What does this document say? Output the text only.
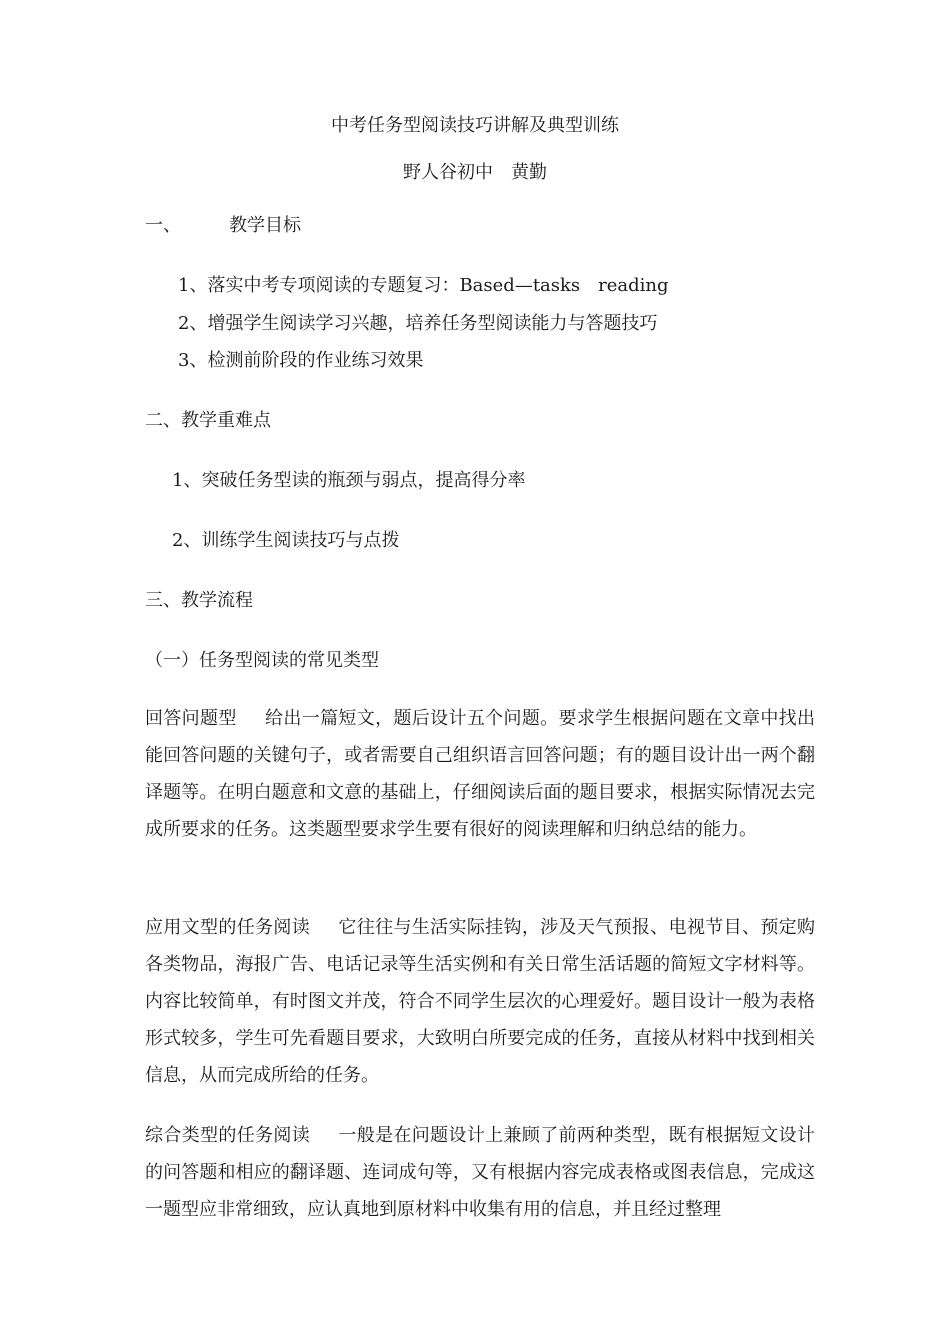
中考任务型阅读技巧讲解及典型训练
野人谷初中　黄勤
一、	教学目标
1、落实中考专项阅读的专题复习：Based—tasks　reading
2、增强学生阅读学习兴趣，培养任务型阅读能力与答题技巧
3、检测前阶段的作业练习效果
二、教学重难点
1、突破任务型读的瓶颈与弱点，提高得分率
2、训练学生阅读技巧与点拨
三、教学流程
（一）任务型阅读的常见类型
回答问题型 给出一篇短文，题后设计五个问题。要求学生根据问题在文章中找出能回答问题的关键句子，或者需要自己组织语言回答问题；有的题目设计出一两个翻译题等。在明白题意和文意的基础上，仔细阅读后面的题目要求，根据实际情况去完成所要求的任务。这类题型要求学生要有很好的阅读理解和归纳总结的能力。
应用文型的任务阅读 它往往与生活实际挂钩，涉及天气预报、电视节目、预定购各类物品，海报广告、电话记录等生活实例和有关日常生活话题的简短文字材料等。内容比较简单，有时图文并茂，符合不同学生层次的心理爱好。题目设计一般为表格形式较多，学生可先看题目要求，大致明白所要完成的任务，直接从材料中找到相关信息，从而完成所给的任务。
综合类型的任务阅读 一般是在问题设计上兼顾了前两种类型，既有根据短文设计的问答题和相应的翻译题、连词成句等，又有根据内容完成表格或图表信息，完成这一题型应非常细致，应认真地到原材料中收集有用的信息，并且经过整理
